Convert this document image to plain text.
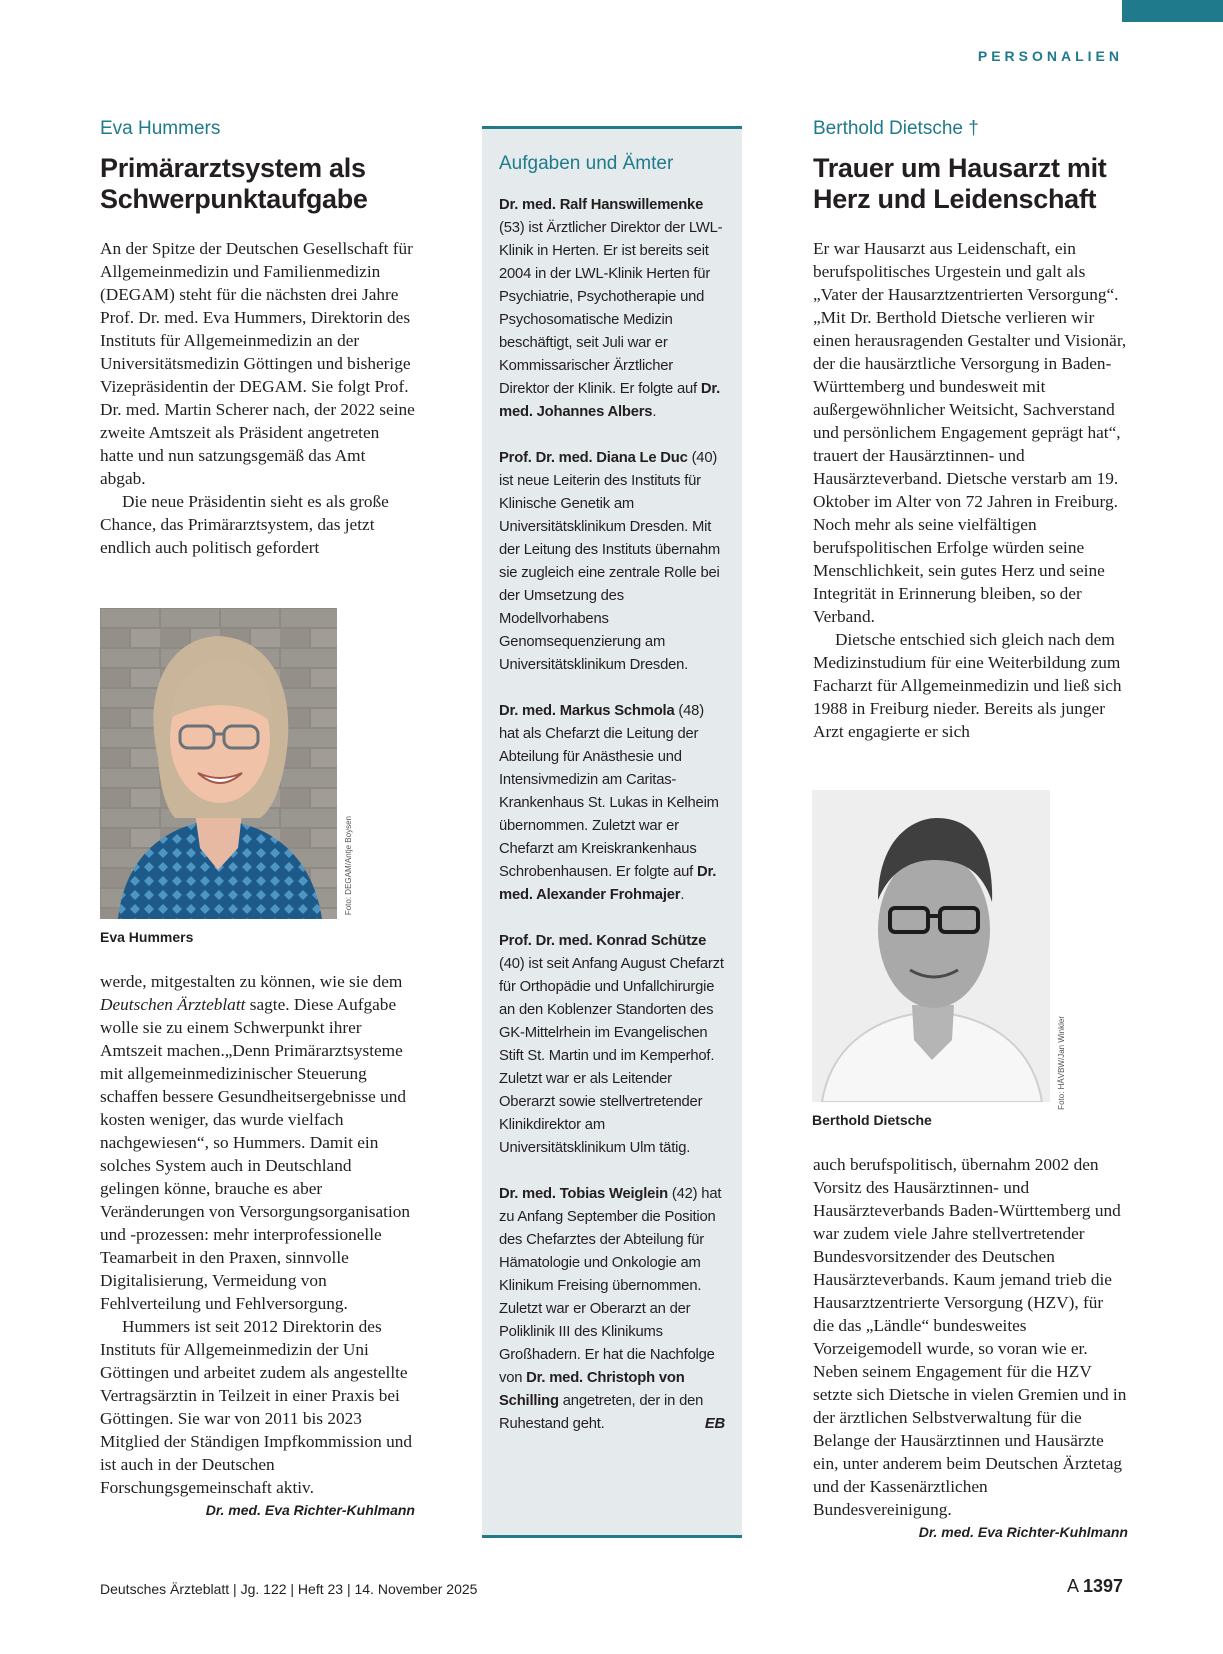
PERSONALIEN
Eva Hummers
Primärarztsystem als
Schwerpunktaufgabe

An der Spitze der Deutschen Gesellschaft für Allgemeinmedizin und Familienmedizin (DEGAM) steht für die nächsten drei Jahre Prof. Dr. med. Eva Hummers, Direktorin des Instituts für Allgemeinmedizin an der Universitätsmedizin Göttingen und bisherige Vizepräsidentin der DEGAM. Sie folgt Prof. Dr. med. Martin Scherer nach, der 2022 seine zweite Amtszeit als Präsident angetreten hatte und nun satzungsgemäß das Amt abgab.

Die neue Präsidentin sieht es als große Chance, das Primärarztsystem, das jetzt endlich auch politisch gefordert

Foto: DEGAM/Antje Boysen
Eva Hummers

werde, mitgestalten zu können, wie sie dem Deutschen Ärzteblatt sagte. Diese Aufgabe wolle sie zu einem Schwerpunkt ihrer Amtszeit machen.„Denn Primärarztsysteme mit allgemeinmedizinischer Steuerung schaffen bessere Gesundheitsergebnisse und kosten weniger, das wurde vielfach nachgewiesen“, so Hummers. Damit ein solches System auch in Deutschland gelingen könne, brauche es aber Veränderungen von Versorgungsorganisation und -prozessen: mehr interprofessionelle Teamarbeit in den Praxen, sinnvolle Digitalisierung, Vermeidung von Fehlverteilung und Fehlversorgung.

Hummers ist seit 2012 Direktorin des Instituts für Allgemeinmedizin der Uni Göttingen und arbeitet zudem als angestellte Vertragsärztin in Teilzeit in einer Praxis bei Göttingen. Sie war von 2011 bis 2023 Mitglied der Ständigen Impfkommission und ist auch in der Deutschen Forschungsgemeinschaft aktiv.
Dr. med. Eva Richter-Kuhlmann

Aufgaben und Ämter

Dr. med. Ralf Hanswillemenke (53) ist Ärztlicher Direktor der LWL-Klinik in Herten. Er ist bereits seit 2004 in der LWL-Klinik Herten für Psychiatrie, Psychotherapie und Psychosomatische Medizin beschäftigt, seit Juli war er Kommissarischer Ärztlicher Direktor der Klinik. Er folgte auf Dr. med. Johannes Albers.

Prof. Dr. med. Diana Le Duc (40) ist neue Leiterin des Instituts für Klinische Genetik am Universitätsklinikum Dresden. Mit der Leitung des Instituts übernahm sie zugleich eine zentrale Rolle bei der Umsetzung des Modellvorhabens Genomsequenzierung am Universitätsklinikum Dresden.

Dr. med. Markus Schmola (48) hat als Chefarzt die Leitung der Abteilung für Anästhesie und Intensivmedizin am Caritas-Krankenhaus St. Lukas in Kelheim übernommen. Zuletzt war er Chefarzt am Kreiskrankenhaus Schrobenhausen. Er folgte auf Dr. med. Alexander Frohmajer.

Prof. Dr. med. Konrad Schütze (40) ist seit Anfang August Chefarzt für Orthopädie und Unfallchirurgie an den Koblenzer Standorten des GK-Mittelrhein im Evangelischen Stift St. Martin und im Kemperhof. Zuletzt war er als Leitender Oberarzt sowie stellvertretender Klinikdirektor am Universitätsklinikum Ulm tätig.

Dr. med. Tobias Weiglein (42) hat zu Anfang September die Position des Chefarztes der Abteilung für Hämatologie und Onkologie am Klinikum Freising übernommen. Zuletzt war er Oberarzt an der Poliklinik III des Klinikums Großhadern. Er hat die Nachfolge von Dr. med. Christoph von Schilling angetreten, der in den Ruhestand geht.	EB

Berthold Dietsche †
Trauer um Hausarzt mit
Herz und Leidenschaft

Er war Hausarzt aus Leidenschaft, ein berufspolitisches Urgestein und galt als „Vater der Hausarztzentrierten Versorgung“. „Mit Dr. Berthold Dietsche verlieren wir einen herausragenden Gestalter und Visionär, der die hausärztliche Versorgung in Baden-Württemberg und bundesweit mit außergewöhnlicher Weitsicht, Sachverstand und persönlichem Engagement geprägt hat“, trauert der Hausärztinnen- und Hausärzteverband. Dietsche verstarb am 19. Oktober im Alter von 72 Jahren in Freiburg. Noch mehr als seine vielfältigen berufspolitischen Erfolge würden seine Menschlichkeit, sein gutes Herz und seine Integrität in Erinnerung bleiben, so der Verband.

Dietsche entschied sich gleich nach dem Medizinstudium für eine Weiterbildung zum Facharzt für Allgemeinmedizin und ließ sich 1988 in Freiburg nieder. Bereits als junger Arzt engagierte er sich

Foto: HÄVBW/Jan Winkler
Berthold Dietsche

auch berufspolitisch, übernahm 2002 den Vorsitz des Hausärztinnen- und Hausärzteverbands Baden-Württemberg und war zudem viele Jahre stellvertretender Bundesvorsitzender des Deutschen Hausärzteverbands. Kaum jemand trieb die Hausarztzentrierte Versorgung (HZV), für die das „Ländle“ bundesweites Vorzeigemodell wurde, so voran wie er. Neben seinem Engagement für die HZV setzte sich Dietsche in vielen Gremien und in der ärztlichen Selbstverwaltung für die Belange der Hausärztinnen und Hausärzte ein, unter anderem beim Deutschen Ärztetag und der Kassenärztlichen Bundesvereinigung.
Dr. med. Eva Richter-Kuhlmann

Deutsches Ärzteblatt | Jg. 122 | Heft 23 | 14. November 2025	A 1397
